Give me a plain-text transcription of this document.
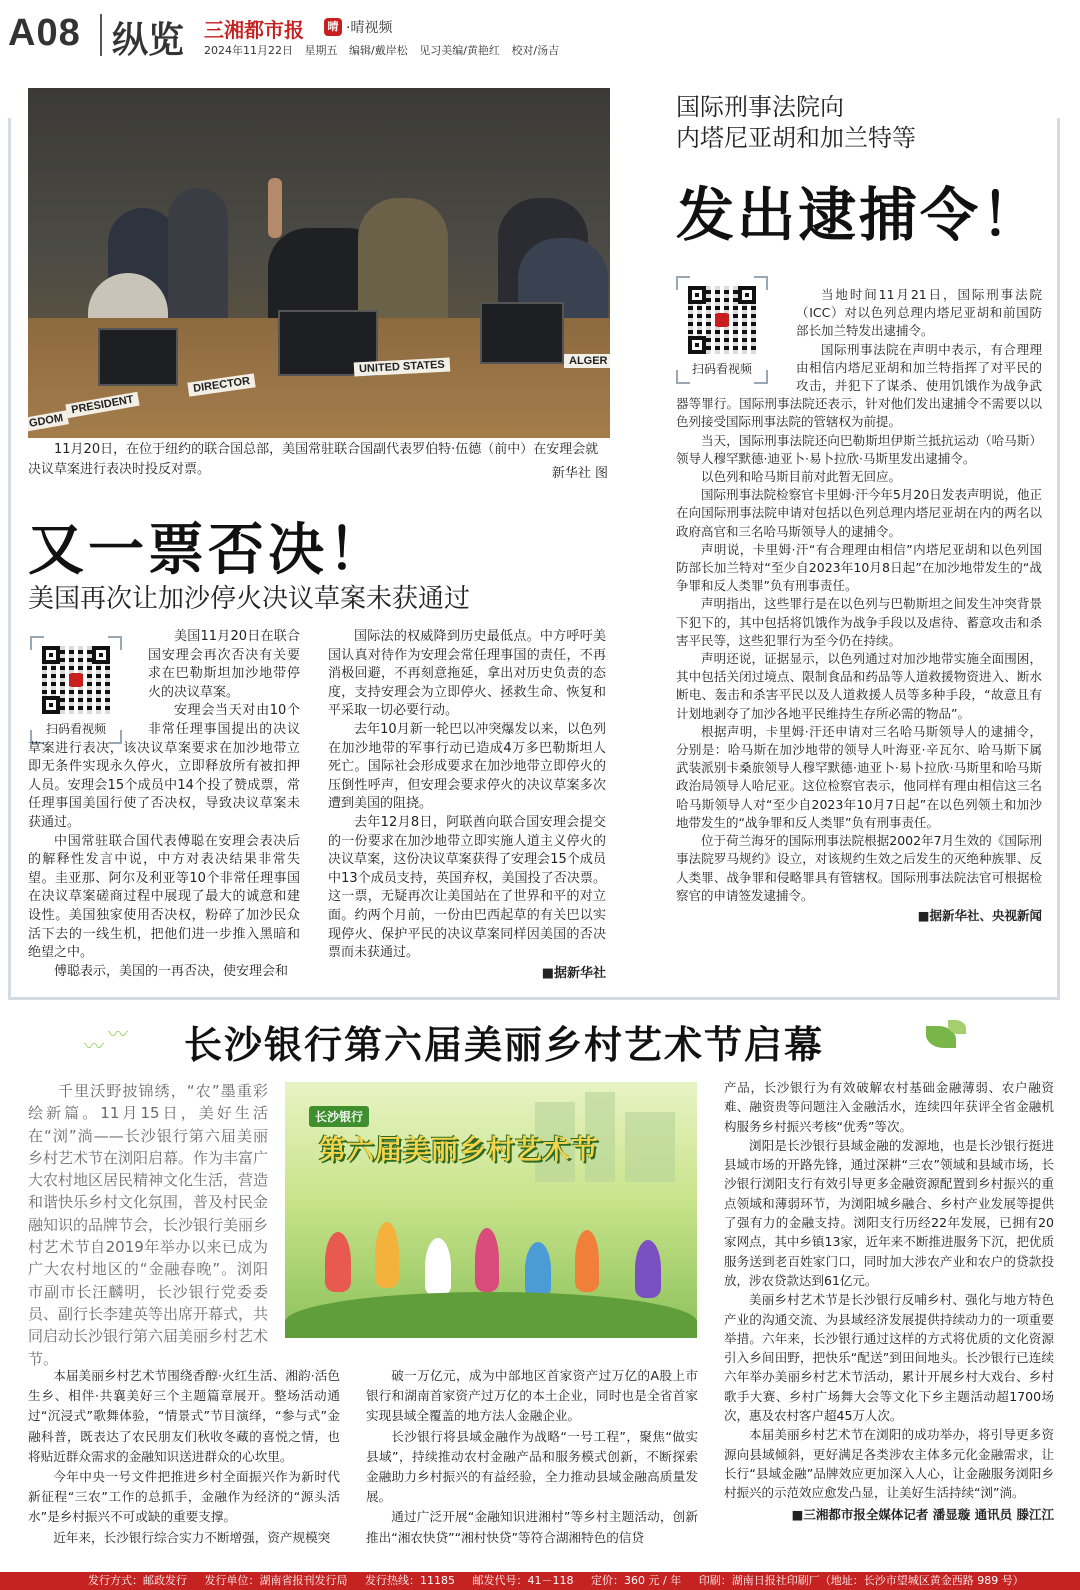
A08 纵览 三湘都市报	晴 ·晴视频
2024年11月22日 星期五 编辑/戴岸松 见习美编/黄艳红 校对/汤吉
GDOM
PRESIDENT
DIRECTOR
UNITED STATES	ALGER
11月20日，在位于纽约的联合国总部，美国常驻联合国副代表罗伯特·伍德（前中）在安理会就决议草案进行表决时投反对票。	新华社 图
又一票否决！
美国再次让加沙停火决议草案未获通过
扫码看视频

美国11月20日在联合国安理会再次否决有关要求在巴勒斯坦加沙地带停火的决议草案。

安理会当天对由10个非常任理事国提出的决议草案进行表决，该决议草案要求在加沙地带立即无条件实现永久停火，立即释放所有被扣押人员。安理会15个成员中14个投了赞成票，常任理事国美国行使了否决权，导致决议草案未获通过。

中国常驻联合国代表傅聪在安理会表决后的解释性发言中说，中方对表决结果非常失望。圭亚那、阿尔及利亚等10个非常任理事国在决议草案磋商过程中展现了最大的诚意和建设性。美国独家使用否决权，粉碎了加沙民众活下去的一线生机，把他们进一步推入黑暗和绝望之中。

傅聪表示，美国的一再否决，使安理会和

国际法的权威降到历史最低点。中方呼吁美国认真对待作为安理会常任理事国的责任，不再消极回避，不再刻意拖延，拿出对历史负责的态度，支持安理会为立即停火、拯救生命、恢复和平采取一切必要行动。

去年10月新一轮巴以冲突爆发以来，以色列在加沙地带的军事行动已造成4万多巴勒斯坦人死亡。国际社会形成要求在加沙地带立即停火的压倒性呼声，但安理会要求停火的决议草案多次遭到美国的阻挠。

去年12月8日，阿联酋向联合国安理会提交的一份要求在加沙地带立即实施人道主义停火的决议草案，这份决议草案获得了安理会15个成员中13个成员支持，英国弃权，美国投了否决票。这一票，无疑再次让美国站在了世界和平的对立面。约两个月前，一份由巴西起草的有关巴以实现停火、保护平民的决议草案同样因美国的否决票而未获通过。

■据新华社
国际刑事法院向
内塔尼亚胡和加兰特等
发出逮捕令！
扫码看视频

当地时间11月21日，国际刑事法院（ICC）对以色列总理内塔尼亚胡和前国防部长加兰特发出逮捕令。

国际刑事法院在声明中表示，有合理理由相信内塔尼亚胡和加兰特指挥了对平民的攻击，并犯下了谋杀、使用饥饿作为战争武器等罪行。国际刑事法院还表示，针对他们发出逮捕令不需要以以色列接受国际刑事法院的管辖权为前提。

当天，国际刑事法院还向巴勒斯坦伊斯兰抵抗运动（哈马斯）领导人穆罕默德·迪亚卜·易卜拉欣·马斯里发出逮捕令。

以色列和哈马斯目前对此暂无回应。

国际刑事法院检察官卡里姆·汗今年5月20日发表声明说，他正在向国际刑事法院申请对包括以色列总理内塔尼亚胡在内的两名以政府高官和三名哈马斯领导人的逮捕令。

声明说，卡里姆·汗“有合理理由相信”内塔尼亚胡和以色列国防部长加兰特对“至少自2023年10月8日起”在加沙地带发生的“战争罪和反人类罪”负有刑事责任。

声明指出，这些罪行是在以色列与巴勒斯坦之间发生冲突背景下犯下的，其中包括将饥饿作为战争手段以及虐待、蓄意攻击和杀害平民等，这些犯罪行为至今仍在持续。

声明还说，证据显示，以色列通过对加沙地带实施全面围困，其中包括关闭过境点、限制食品和药品等人道救援物资进入、断水断电、轰击和杀害平民以及人道救援人员等多种手段，“故意且有计划地剥夺了加沙各地平民维持生存所必需的物品”。

根据声明，卡里姆·汗还申请对三名哈马斯领导人的逮捕令，分别是：哈马斯在加沙地带的领导人叶海亚·辛瓦尔、哈马斯下属武装派别卡桑旅领导人穆罕默德·迪亚卜·易卜拉欣·马斯里和哈马斯政治局领导人哈尼亚。这位检察官表示，他同样有理由相信这三名哈马斯领导人对“至少自2023年10月7日起”在以色列领土和加沙地带发生的“战争罪和反人类罪”负有刑事责任。

位于荷兰海牙的国际刑事法院根据2002年7月生效的《国际刑事法院罗马规约》设立，对该规约生效之后发生的灭绝种族罪、反人类罪、战争罪和侵略罪具有管辖权。国际刑事法院法官可根据检察官的申请签发逮捕令。

■据新华社、央视新闻
〰 〰 长沙银行第六届美丽乡村艺术节启幕
千里沃野披锦绣，“农”墨重彩绘新篇。11月15日，美好生活在“浏”淌——长沙银行第六届美丽乡村艺术节在浏阳启幕。作为丰富广大农村地区居民精神文化生活，营造和谐快乐乡村文化氛围，普及村民金融知识的品牌节会，长沙银行美丽乡村艺术节自2019年举办以来已成为广大农村地区的“金融春晚”。浏阳市副市长汪麟明，长沙银行党委委员、副行长李建英等出席开幕式，共同启动长沙银行第六届美丽乡村艺术节。
长沙银行
第六届美丽乡村艺术节

本届美丽乡村艺术节围绕香醇·火红生活、湘韵·活色生乡、相伴·共襄美好三个主题篇章展开。整场活动通过“沉浸式”歌舞体验，“情景式”节目演绎，“参与式”金融科普，既表达了农民朋友们秋收冬藏的喜悦之情，也将贴近群众需求的金融知识送进群众的心坎里。

今年中央一号文件把推进乡村全面振兴作为新时代新征程“三农”工作的总抓手，金融作为经济的“源头活水”是乡村振兴不可或缺的重要支撑。

近年来，长沙银行综合实力不断增强，资产规模突

破一万亿元，成为中部地区首家资产过万亿的A股上市银行和湖南首家资产过万亿的本土企业，同时也是全省首家实现县域全覆盖的地方法人金融企业。

长沙银行将县域金融作为战略“一号工程”，聚焦“做实县域”，持续推动农村金融产品和服务模式创新，不断探索金融助力乡村振兴的有益经验，全力推动县域金融高质量发展。

通过广泛开展“金融知识进湘村”等乡村主题活动，创新推出“湘农快贷”“湘村快贷”等符合湖湘特色的信贷

产品，长沙银行为有效破解农村基础金融薄弱、农户融资难、融资贵等问题注入金融活水，连续四年获评全省金融机构服务乡村振兴考核“优秀”等次。

浏阳是长沙银行县域金融的发源地，也是长沙银行挺进县域市场的开路先锋，通过深耕“三农”领域和县域市场，长沙银行浏阳支行有效引导更多金融资源配置到乡村振兴的重点领域和薄弱环节，为浏阳城乡融合、乡村产业发展等提供了强有力的金融支持。浏阳支行历经22年发展，已拥有20家网点，其中乡镇13家，近年来不断推进服务下沉，把优质服务送到老百姓家门口，同时加大涉农产业和农户的贷款投放，涉农贷款达到61亿元。

美丽乡村艺术节是长沙银行反哺乡村、强化与地方特色产业的沟通交流、为县域经济发展提供持续动力的一项重要举措。六年来，长沙银行通过这样的方式将优质的文化资源引入乡间田野，把快乐“配送”到田间地头。长沙银行已连续六年举办美丽乡村艺术节活动，累计开展乡村大戏台、乡村歌手大赛、乡村广场舞大会等文化下乡主题活动超1700场次，惠及农村客户超45万人次。

本届美丽乡村艺术节在浏阳的成功举办，将引导更多资源向县域倾斜，更好满足各类涉农主体多元化金融需求，让长行“县域金融”品牌效应更加深入人心，让金融服务浏阳乡村振兴的示范效应愈发凸显，让美好生活持续“浏”淌。

■三湘都市报全媒体记者 潘显璇 通讯员 滕江江
发行方式：邮政发行 发行单位：湖南省报刊发行局 发行热线：11185 邮发代号：41－118 定价：360 元 / 年 印刷：湖南日报社印刷厂（地址：长沙市望城区黄金西路 989 号）
